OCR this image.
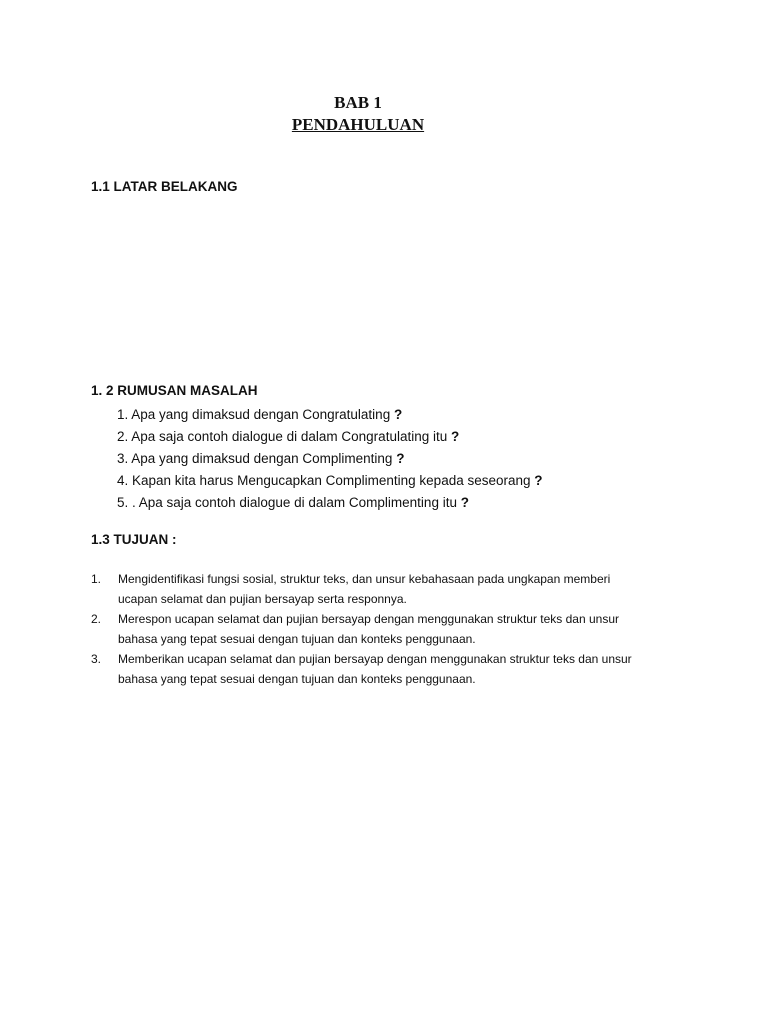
BAB 1
PENDAHULUAN
1.1 LATAR BELAKANG
1. 2 RUMUSAN MASALAH
1. Apa yang dimaksud dengan Congratulating ?
2. Apa saja contoh dialogue di dalam Congratulating itu ?
3. Apa yang dimaksud dengan Complimenting ?
4. Kapan kita harus Mengucapkan Complimenting kepada seseorang ?
5. . Apa saja contoh dialogue di dalam Complimenting itu ?
1.3 TUJUAN :
1. Mengidentifikasi fungsi sosial, struktur teks, dan unsur kebahasaan pada ungkapan memberi ucapan selamat dan pujian bersayap serta responnya.
2. Merespon ucapan selamat dan pujian bersayap dengan menggunakan struktur teks dan unsur bahasa yang tepat sesuai dengan tujuan dan konteks penggunaan.
3. Memberikan ucapan selamat dan pujian bersayap dengan menggunakan struktur teks dan unsur bahasa yang tepat sesuai dengan tujuan dan konteks penggunaan.
